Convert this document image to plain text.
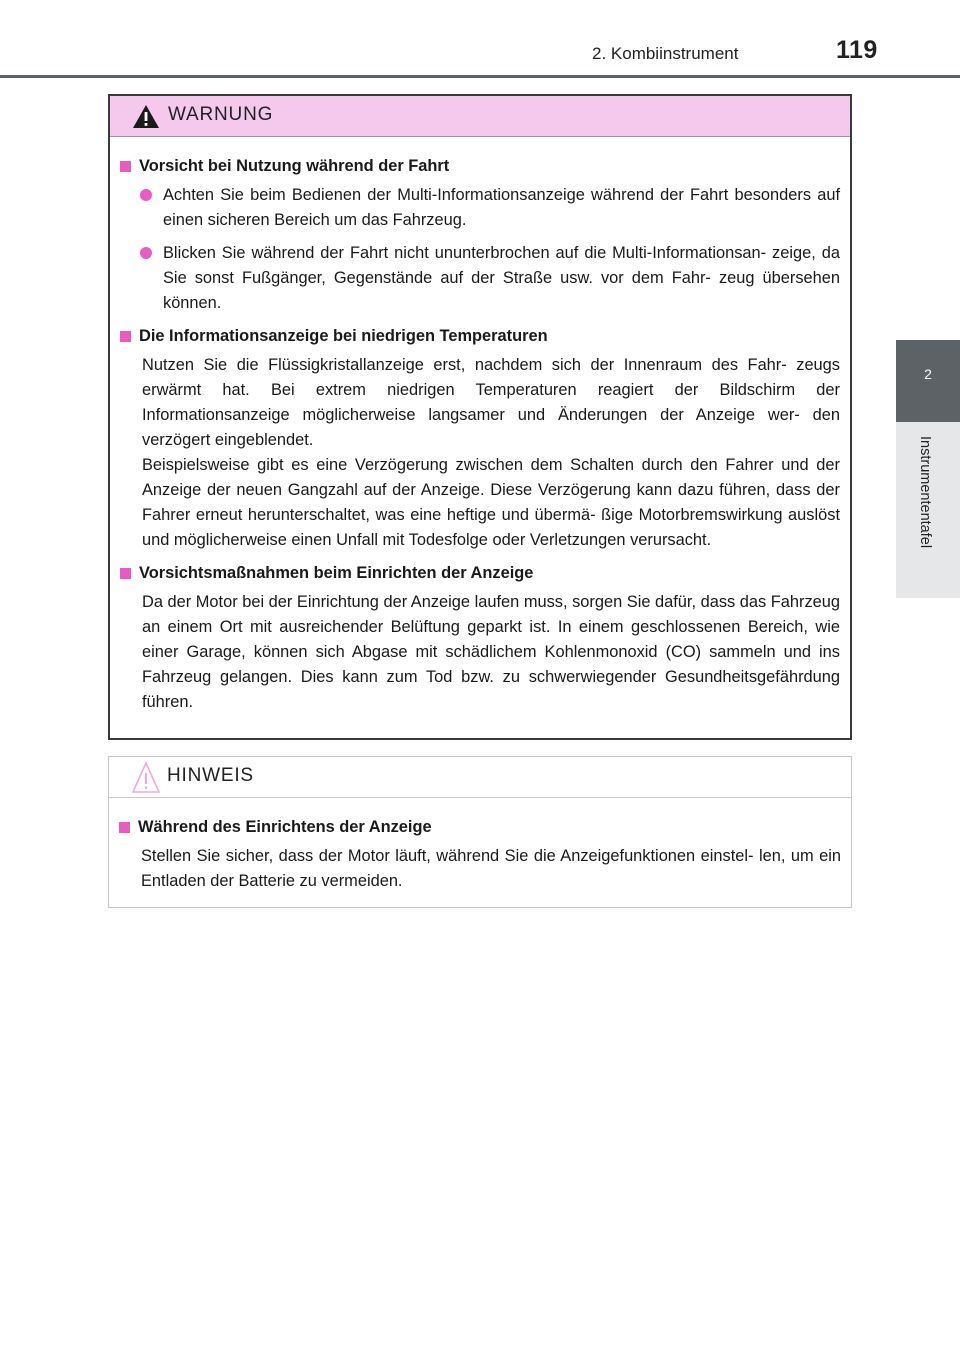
2. Kombiinstrument	119
2
Instrumententafel
WARNUNG
Vorsicht bei Nutzung während der Fahrt
Achten Sie beim Bedienen der Multi-Informationsanzeige während der Fahrt besonders auf einen sicheren Bereich um das Fahrzeug.
Blicken Sie während der Fahrt nicht ununterbrochen auf die Multi-Informationsan- zeige, da Sie sonst Fußgänger, Gegenstände auf der Straße usw. vor dem Fahr- zeug übersehen können.
Die Informationsanzeige bei niedrigen Temperaturen
Nutzen Sie die Flüssigkristallanzeige erst, nachdem sich der Innenraum des Fahr- zeugs erwärmt hat. Bei extrem niedrigen Temperaturen reagiert der Bildschirm der Informationsanzeige möglicherweise langsamer und Änderungen der Anzeige wer- den verzögert eingeblendet.
Beispielsweise gibt es eine Verzögerung zwischen dem Schalten durch den Fahrer und der Anzeige der neuen Gangzahl auf der Anzeige. Diese Verzögerung kann dazu führen, dass der Fahrer erneut herunterschaltet, was eine heftige und übermä- ßige Motorbremswirkung auslöst und möglicherweise einen Unfall mit Todesfolge oder Verletzungen verursacht.
Vorsichtsmaßnahmen beim Einrichten der Anzeige
Da der Motor bei der Einrichtung der Anzeige laufen muss, sorgen Sie dafür, dass das Fahrzeug an einem Ort mit ausreichender Belüftung geparkt ist. In einem geschlossenen Bereich, wie einer Garage, können sich Abgase mit schädlichem Kohlenmonoxid (CO) sammeln und ins Fahrzeug gelangen. Dies kann zum Tod bzw. zu schwerwiegender Gesundheitsgefährdung führen.
HINWEIS
Während des Einrichtens der Anzeige
Stellen Sie sicher, dass der Motor läuft, während Sie die Anzeigefunktionen einstel- len, um ein Entladen der Batterie zu vermeiden.
